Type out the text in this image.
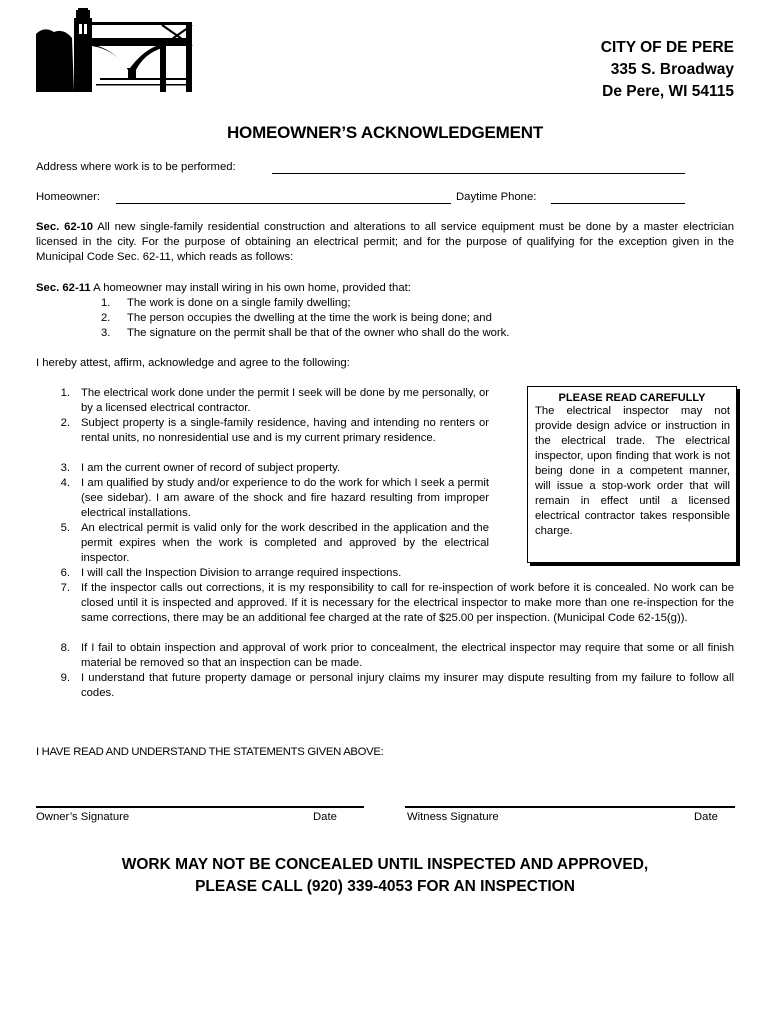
CITY OF DE PERE
335 S. Broadway
De Pere, WI 54115
HOMEOWNER’S ACKNOWLEDGEMENT
Address where work is to be performed:
Homeowner:	Daytime Phone:
Sec. 62-10 All new single-family residential construction and alterations to all service equipment must be done by a master electrician licensed in the city. For the purpose of obtaining an electrical permit; and for the purpose of qualifying for the exception given in the Municipal Code Sec. 62-11, which reads as follows:
Sec. 62-11 A homeowner may install wiring in his own home, provided that:
1. The work is done on a single family dwelling;
2. The person occupies the dwelling at the time the work is being done; and
3. The signature on the permit shall be that of the owner who shall do the work.
I hereby attest, affirm, acknowledge and agree to the following:
1. The electrical work done under the permit I seek will be done by me personally, or by a licensed electrical contractor.
2. Subject property is a single-family residence, having and intending no renters or rental units, no nonresidential use and is my current primary residence.
3. I am the current owner of record of subject property.
4. I am qualified by study and/or experience to do the work for which I seek a permit (see sidebar). I am aware of the shock and fire hazard resulting from improper electrical installations.
5. An electrical permit is valid only for the work described in the application and the permit expires when the work is completed and approved by the electrical inspector.
6. I will call the Inspection Division to arrange required inspections.
7. If the inspector calls out corrections, it is my responsibility to call for re-inspection of work before it is concealed. No work can be closed until it is inspected and approved. If it is necessary for the electrical inspector to make more than one re-inspection for the same corrections, there may be an additional fee charged at the rate of $25.00 per inspection. (Municipal Code 62-15(g)).
8. If I fail to obtain inspection and approval of work prior to concealment, the electrical inspector may require that some or all finish material be removed so that an inspection can be made.
9. I understand that future property damage or personal injury claims my insurer may dispute resulting from my failure to follow all codes.
PLEASE READ CAREFULLY
The electrical inspector may not provide design advice or instruction in the electrical trade. The electrical inspector, upon finding that work is not being done in a competent manner, will issue a stop-work order that will remain in effect until a licensed electrical contractor takes responsible charge.
I HAVE READ AND UNDERSTAND THE STATEMENTS GIVEN ABOVE:
Owner’s Signature	Date	Witness Signature	Date
WORK MAY NOT BE CONCEALED UNTIL INSPECTED AND APPROVED,
PLEASE CALL (920) 339-4053 FOR AN INSPECTION
